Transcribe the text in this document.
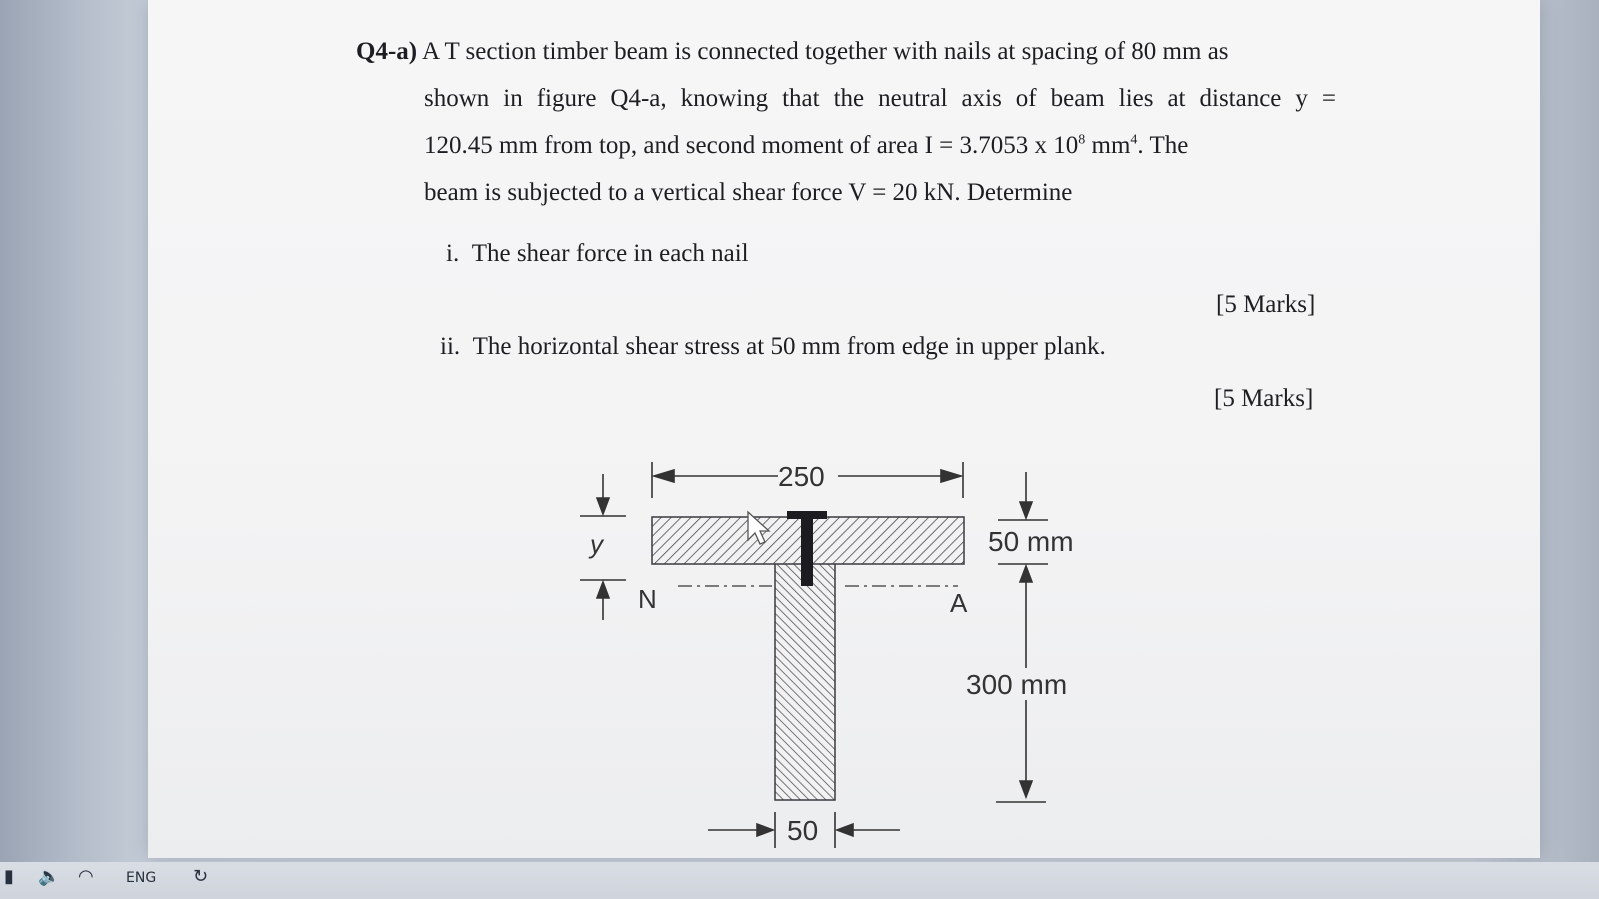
Q4-a) A T section timber beam is connected together with nails at spacing of 80 mm as
shown in figure Q4-a, knowing that the neutral axis of beam lies at distance y =
120.45 mm from top, and second moment of area I = 3.7053 x $10^8$ $mm^4$. The
beam is subjected to a vertical shear force V = 20 kN. Determine
i. The shear force in each nail
[5 Marks]
ii. The horizontal shear stress at 50 mm from edge in upper plank.
[5 Marks]
N	A
250
y	50 mm
300 mm
50
▮ 🔈 ◠ ENG ↻
